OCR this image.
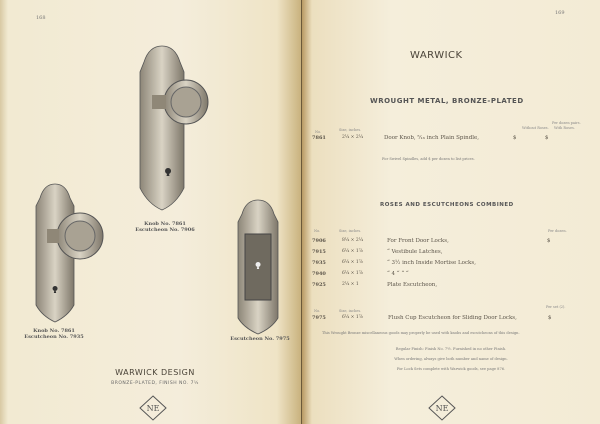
168
NE
Knob No. 7861
Escutcheon No. 7906
Knob No. 7861
Escutcheon No. 7935	Escutcheon No. 7975
WARWICK DESIGN
BRONZE-PLATED, FINISH NO. 7½
169
WARWICK
WROUGHT METAL, BRONZE-PLATED
No.	Size, inches.
Per dozen pairs.
Without Roses. With Roses.
7861	2¼ × 2¼	Door Knob, ⁵⁄₁₆ inch Plain Spindle,	$	$
For Swivel Spindles, add $ per dozen to list prices.
ROSES AND ESCUTCHEONS COMBINED
No.	Size, inches.	Per dozen.
7906	8¼ × 2¼	For Front Door Locks,	$
7915	6¼ × 1⅞	“ Vestibule Latches,
7935	6¼ × 1⅞	“ 3½ inch Inside Mortise Locks,
7940	6¼ × 1⅞	“ 4 “ “ “
7925	2¼ × 1	Plate Escutcheon,
No.	Size, inches.
Per set (2).
7975	6¼ × 1⅞	Flush Cup Escutcheon for Sliding Door Locks,	$
This Wrought Bronze miscellaneous goods may properly be used with knobs and escutcheons of this design.
Regular Finish: Finish No. 7½. Furnished in no other Finish.
When ordering, always give both number and name of design.
For Lock Sets complete with Warwick goods, see page 876.
NE
